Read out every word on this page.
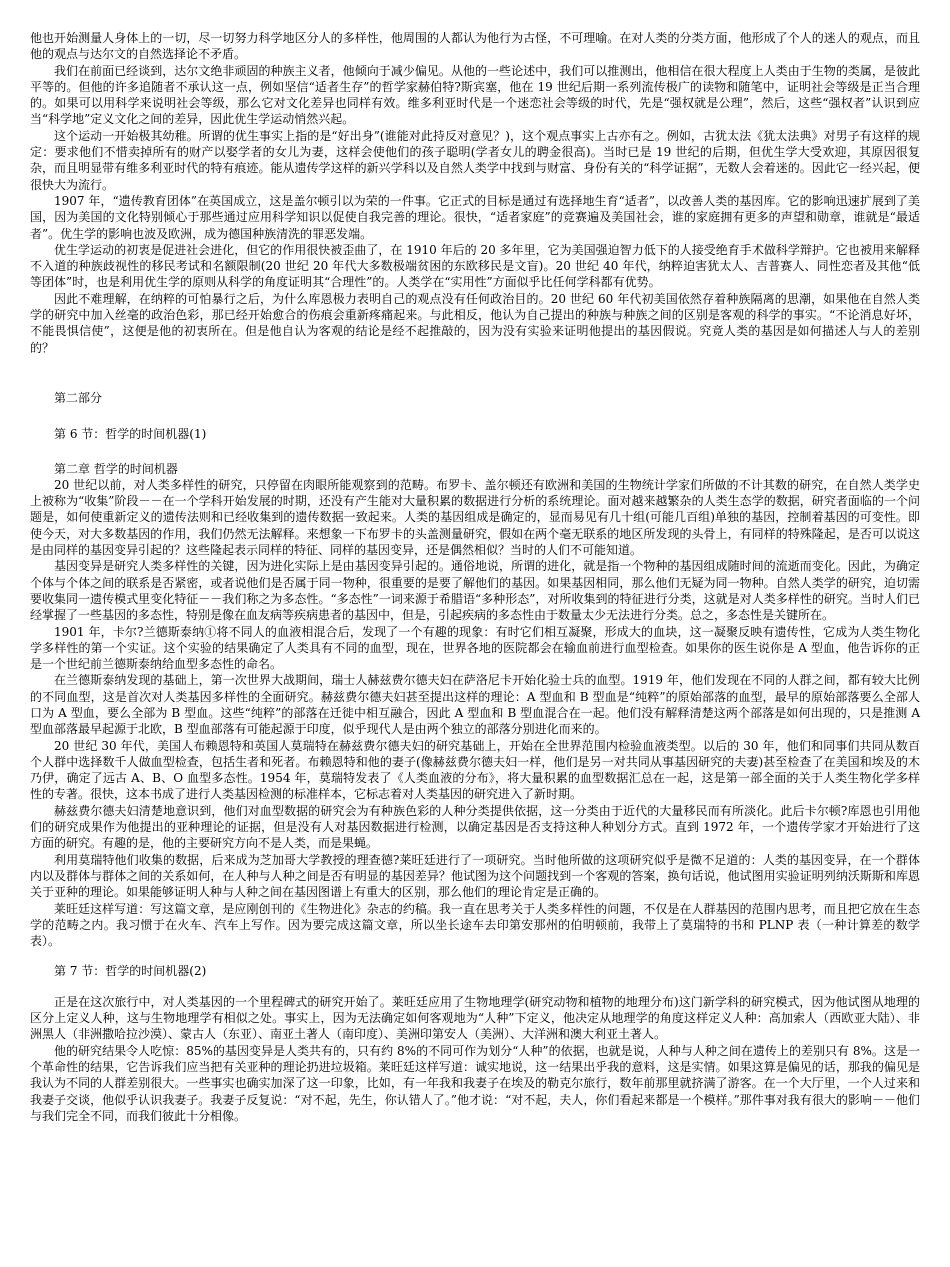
他也开始测量人身体上的一切，尽一切努力科学地区分人的多样性，他周围的人都认为他行为古怪，不可理喻。在对人类的分类方面，他形成了个人的迷人的观点，而且他的观点与达尔文的自然选择论不矛盾。

我们在前面已经谈到，达尔文绝非顽固的种族主义者，他倾向于减少偏见。从他的一些论述中，我们可以推测出，他相信在很大程度上人类由于生物的类属，是彼此平等的。但他的许多追随者不承认这一点，例如坚信“适者生存”的哲学家赫伯特?斯宾塞，他在 19 世纪后期一系列流传极广的读物和随笔中，证明社会等级是正当合理的。如果可以用科学来说明社会等级，那么它对文化差异也同样有效。维多利亚时代是一个迷恋社会等级的时代，先是“强权就是公理”，然后，这些“强权者”认识到应当“科学地”定义文化之间的差异，因此优生学运动悄然兴起。

这个运动一开始极其幼稚。所谓的优生事实上指的是“好出身”(谁能对此持反对意见？)，这个观点事实上古亦有之。例如，古犹太法《犹太法典》对男子有这样的规定：要求他们不惜卖掉所有的财产以娶学者的女儿为妻，这样会使他们的孩子聪明(学者女儿的聘金很高)。当时已是 19 世纪的后期，但优生学大受欢迎，其原因很复杂，而且明显带有维多利亚时代的特有痕迹。能从遗传学这样的新兴学科以及自然人类学中找到与财富、身份有关的“科学证据”，无数人会着迷的。因此它一经兴起，便很快大为流行。

1907 年，“遗传教育团体”在英国成立，这是盖尔顿引以为荣的一件事。它正式的目标是通过有选择地生育“适者”，以改善人类的基因库。它的影响迅速扩展到了美国，因为美国的文化特别倾心于那些通过应用科学知识以促使自我完善的理论。很快，“适者家庭”的竞赛遍及美国社会，谁的家庭拥有更多的声望和勋章，谁就是“最适者”。优生学的影响也波及欧洲，成为德国种族清洗的罪恶发端。

优生学运动的初衷是促进社会进化，但它的作用很快被歪曲了，在 1910 年后的 20 多年里，它为美国强迫智力低下的人接受绝育手术做科学辩护。它也被用来解释不入道的种族歧视性的移民考试和名额限制(20 世纪 20 年代大多数极端贫困的东欧移民是文盲)。20 世纪 40 年代，纳粹迫害犹太人、吉普赛人、同性恋者及其他“低等团体”时，也是利用优生学的原则从科学的角度证明其“合理性”的。人类学在“实用性”方面似乎比任何学科都有优势。

因此不难理解，在纳粹的可怕暴行之后，为什么库恩极力表明自己的观点没有任何政治目的。20 世纪 60 年代初美国依然存着种族隔离的思潮，如果他在自然人类学的研究中加入丝毫的政治色彩，那已经开始愈合的伤痕会重新疼痛起来。与此相反，他认为自己提出的种族与种族之间的区别是客观的科学的事实。“不论消息好坏，不能畏惧信使”，这便是他的初衷所在。但是他自认为客观的结论是经不起推敲的，因为没有实验来证明他提出的基因假说。究竟人类的基因是如何描述人与人的差别的？

第二部分

第 6 节：哲学的时间机器(1)

第二章 哲学的时间机器

20 世纪以前，对人类多样性的研究，只停留在肉眼所能观察到的范畴。布罗卡、盖尔顿还有欧洲和美国的生物统计学家们所做的不计其数的研究，在自然人类学史上被称为“收集”阶段－－在一个学科开始发展的时期，还没有产生能对大量积累的数据进行分析的系统理论。面对越来越繁杂的人类生态学的数据，研究者面临的一个问题是，如何使重新定义的遗传法则和已经收集到的遗传数据一致起来。人类的基因组成是确定的，显而易见有几十组(可能几百组)单独的基因，控制着基因的可变性。即使今天，对大多数基因的作用，我们仍然无法解释。来想象一下布罗卡的头盖测量研究，假如在两个毫无联系的地区所发现的头骨上，有同样的特殊隆起，是否可以说这是由同样的基因变异引起的？这些隆起表示同样的特征、同样的基因变异，还是偶然相似？当时的人们不可能知道。

基因变异是研究人类多样性的关键，因为进化实际上是由基因变异引起的。通俗地说，所谓的进化，就是指一个物种的基因组成随时间的流逝而变化。因此，为确定个体与个体之间的联系是否紧密，或者说他们是否属于同一物种，很重要的是要了解他们的基因。如果基因相同，那么他们无疑为同一物种。自然人类学的研究，迫切需要收集同一遗传模式里变化特征－－我们称之为多态性。“多态性”一词来源于希腊语“多种形态”，对所收集到的特征进行分类，这就是对人类多样性的研究。当时人们已经掌握了一些基因的多态性，特别是像在血友病等疾病患者的基因中，但是，引起疾病的多态性由于数量太少无法进行分类。总之，多态性是关键所在。

1901 年，卡尔?兰德斯泰纳①将不同人的血液相混合后，发现了一个有趣的现象：有时它们相互凝聚，形成大的血块，这一凝聚反映有遗传性，它成为人类生物化学多样性的第一个实证。这个实验的结果确定了人类具有不同的血型，现在，世界各地的医院都会在输血前进行血型检查。如果你的医生说你是 A 型血，他告诉你的正是一个世纪前兰德斯泰纳给血型多态性的命名。

在兰德斯泰纳发现的基础上，第一次世界大战期间，瑞士人赫兹费尔德夫妇在萨洛尼卡开始化验士兵的血型。1919 年，他们发现在不同的人群之间，都有较大比例的不同血型，这是首次对人类基因多样性的全面研究。赫兹费尔德夫妇甚至提出这样的理论：A 型血和 B 型血是“纯粹”的原始部落的血型，最早的原始部落要么全部人口为 A 型血，要么全部为 B 型血。这些“纯粹”的部落在迁徙中相互融合，因此 A 型血和 B 型血混合在一起。他们没有解释清楚这两个部落是如何出现的，只是推测 A 型血部落最早起源于北欧，B 型血部落有可能起源于印度，似乎现代人是由两个独立的部落分别进化而来的。

20 世纪 30 年代，美国人布赖恩特和英国人莫瑞特在赫兹费尔德夫妇的研究基础上，开始在全世界范围内检验血液类型。以后的 30 年，他们和同事们共同从数百个人群中选择数千人做血型检查，包括生者和死者。布赖恩特和他的妻子(像赫兹费尔德夫妇一样，他们是另一对共同从事基因研究的夫妻)甚至检查了在美国和埃及的木乃伊，确定了远古 A、B、O 血型多态性。1954 年，莫瑞特发表了《人类血液的分布》，将大量积累的血型数据汇总在一起，这是第一部全面的关于人类生物化学多样性的专著。很快，这本书成了进行人类基因检测的标准样本，它标志着对人类基因的研究进入了新时期。

赫兹费尔德夫妇清楚地意识到，他们对血型数据的研究会为有种族色彩的人种分类提供依据，这一分类由于近代的大量移民而有所淡化。此后卡尔顿?库恩也引用他们的研究成果作为他提出的亚种理论的证据，但是没有人对基因数据进行检测，以确定基因是否支持这种人种划分方式。直到 1972 年，一个遗传学家才开始进行了这方面的研究。有趣的是，他的主要研究方向不是人类，而是果蝇。

利用莫瑞特他们收集的数据，后来成为芝加哥大学教授的理查德?莱旺廷进行了一项研究。当时他所做的这项研究似乎是微不足道的：人类的基因变异，在一个群体内以及群体与群体之间的关系如何，在人种与人种之间是否有明显的基因差异？他试图为这个问题找到一个客观的答案，换句话说，他试图用实验证明列纳沃斯斯和库恩关于亚种的理论。如果能够证明人种与人种之间在基因图谱上有重大的区别，那么他们的理论肯定是正确的。

莱旺廷这样写道：写这篇文章，是应刚创刊的《生物进化》杂志的约稿。我一直在思考关于人类多样性的问题，不仅是在人群基因的范围内思考，而且把它放在生态学的范畴之内。我习惯于在火车、汽车上写作。因为要完成这篇文章，所以坐长途车去印第安那州的伯明顿前，我带上了莫瑞特的书和 PLNP 表（一种计算差的数学表）。

第 7 节：哲学的时间机器(2)

正是在这次旅行中，对人类基因的一个里程碑式的研究开始了。莱旺廷应用了生物地理学(研究动物和植物的地理分布)这门新学科的研究模式，因为他试图从地理的区分上定义人种，这与生物地理学有相似之处。事实上，因为无法确定如何客观地为“人种”下定义，他决定从地理学的角度这样定义人种：高加索人（西欧亚大陆）、非洲黑人（非洲撒哈拉沙漠）、蒙古人（东亚）、南亚土著人（南印度）、美洲印第安人（美洲）、大洋洲和澳大利亚土著人。

他的研究结果令人吃惊：85%的基因变异是人类共有的，只有约 8%的不同可作为划分“人种”的依据，也就是说，人种与人种之间在遗传上的差别只有 8%。这是一个革命性的结果，它告诉我们应当把有关亚种的理论扔进垃圾箱。莱旺廷这样写道：诚实地说，这一结果出乎我的意料，这是实情。如果这算是偏见的话，那我的偏见是我认为不同的人群差别很大。一些事实也确实加深了这一印象，比如，有一年我和我妻子在埃及的勒克尔旅行，数年前那里就挤满了游客。在一个大厅里，一个人过来和我妻子交谈，他似乎认识我妻子。我妻子反复说：“对不起，先生，你认错人了。”他才说：“对不起，夫人，你们看起来都是一个模样。”那件事对我有很大的影响－－他们与我们完全不同，而我们彼此十分相像。
